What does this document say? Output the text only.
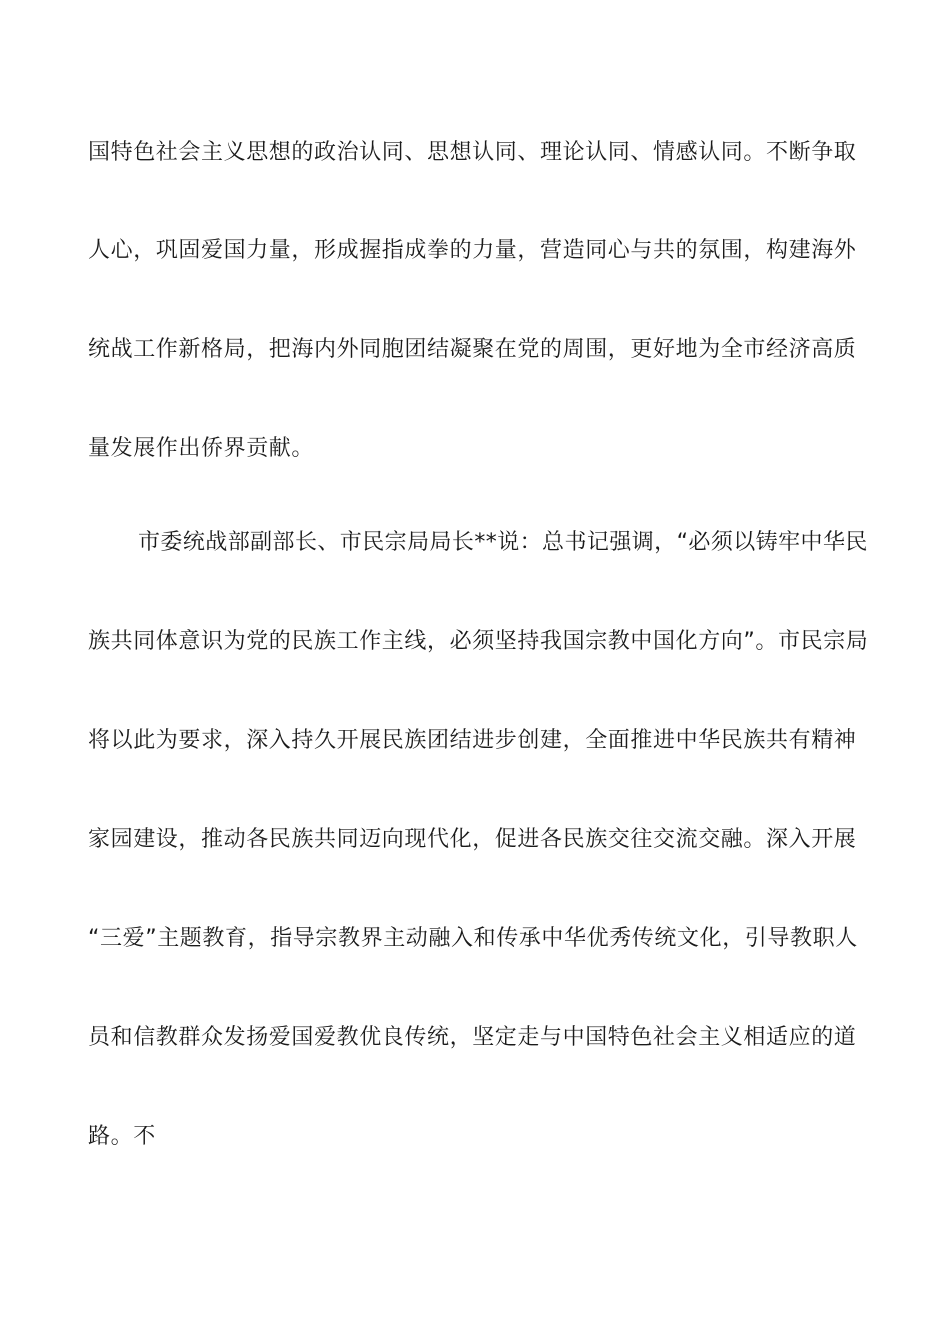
国特色社会主义思想的政治认同、思想认同、理论认同、情感认同。不断争取
人心，巩固爱国力量，形成握指成拳的力量，营造同心与共的氛围，构建海外
统战工作新格局，把海内外同胞团结凝聚在党的周围，更好地为全市经济高质
量发展作出侨界贡献。
市委统战部副部长、市民宗局局长**说：总书记强调，“必须以铸牢中华民
族共同体意识为党的民族工作主线，必须坚持我国宗教中国化方向”。市民宗局
将以此为要求，深入持久开展民族团结进步创建，全面推进中华民族共有精神
家园建设，推动各民族共同迈向现代化，促进各民族交往交流交融。深入开展
“三爱”主题教育，指导宗教界主动融入和传承中华优秀传统文化，引导教职人
员和信教群众发扬爱国爱教优良传统，坚定走与中国特色社会主义相适应的道
路。不
